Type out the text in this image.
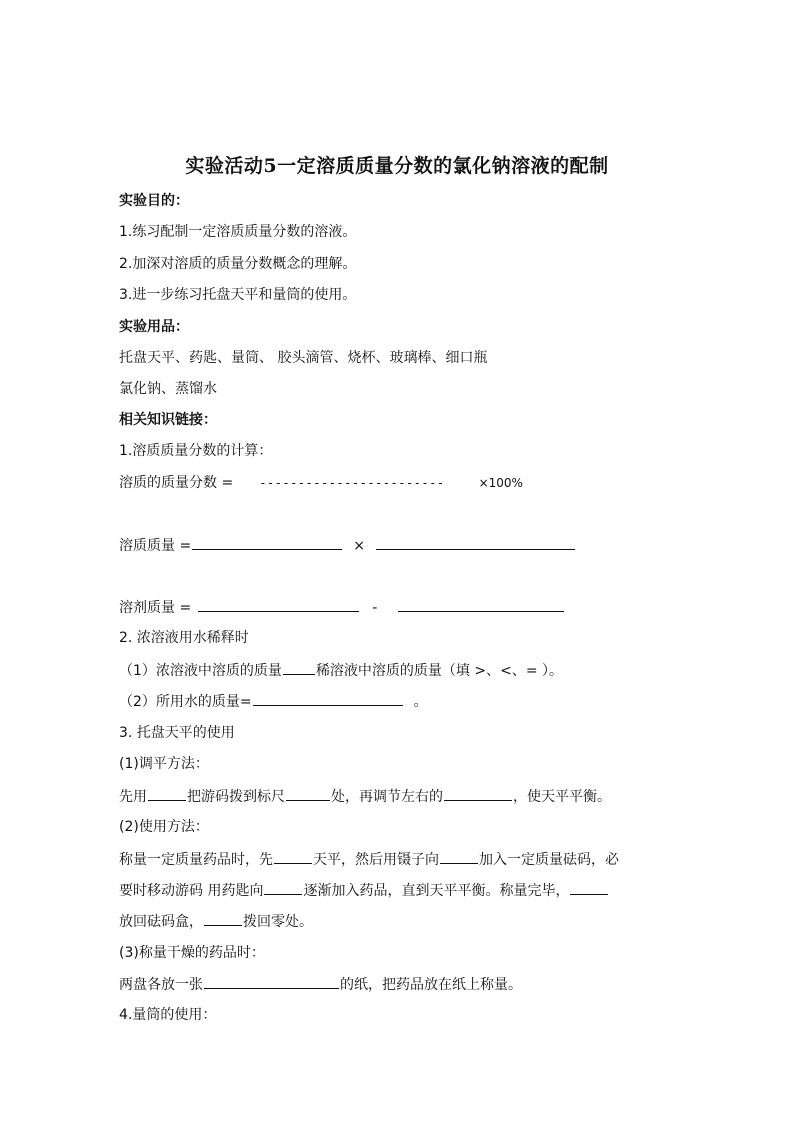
实验活动5一定溶质质量分数的氯化钠溶液的配制
实验目的：
1.练习配制一定溶质质量分数的溶液。
2.加深对溶质的质量分数概念的理解。
3.进一步练习托盘天平和量筒的使用。
实验用品：
托盘天平、药匙、量筒、 胶头滴管、烧杯、玻璃棒、细口瓶
氯化钠、蒸馏水
相关知识链接：
1.溶质质量分数的计算：
溶质的质量分数 = ------------------------	×100%
溶质质量 =	×
溶剂质量 =	-
2. 浓溶液用水稀释时
（1）浓溶液中溶质的质量 稀溶液中溶质的质量（填 >、<、= ）。
（2）所用水的质量=	。
3. 托盘天平的使用
(1)调平方法：
先用	把游码拨到标尺	处，再调节左右的	，使天平平衡。
(2)使用方法：
称量一定质量药品时，先	天平，然后用镊子向	加入一定质量砝码，必
要时移动游码 用药匙向	逐渐加入药品，直到天平平衡。称量完毕，
放回砝码盒，	拨回零处。
(3)称量干燥的药品时：
两盘各放一张	的纸，把药品放在纸上称量。
4.量筒的使用：
